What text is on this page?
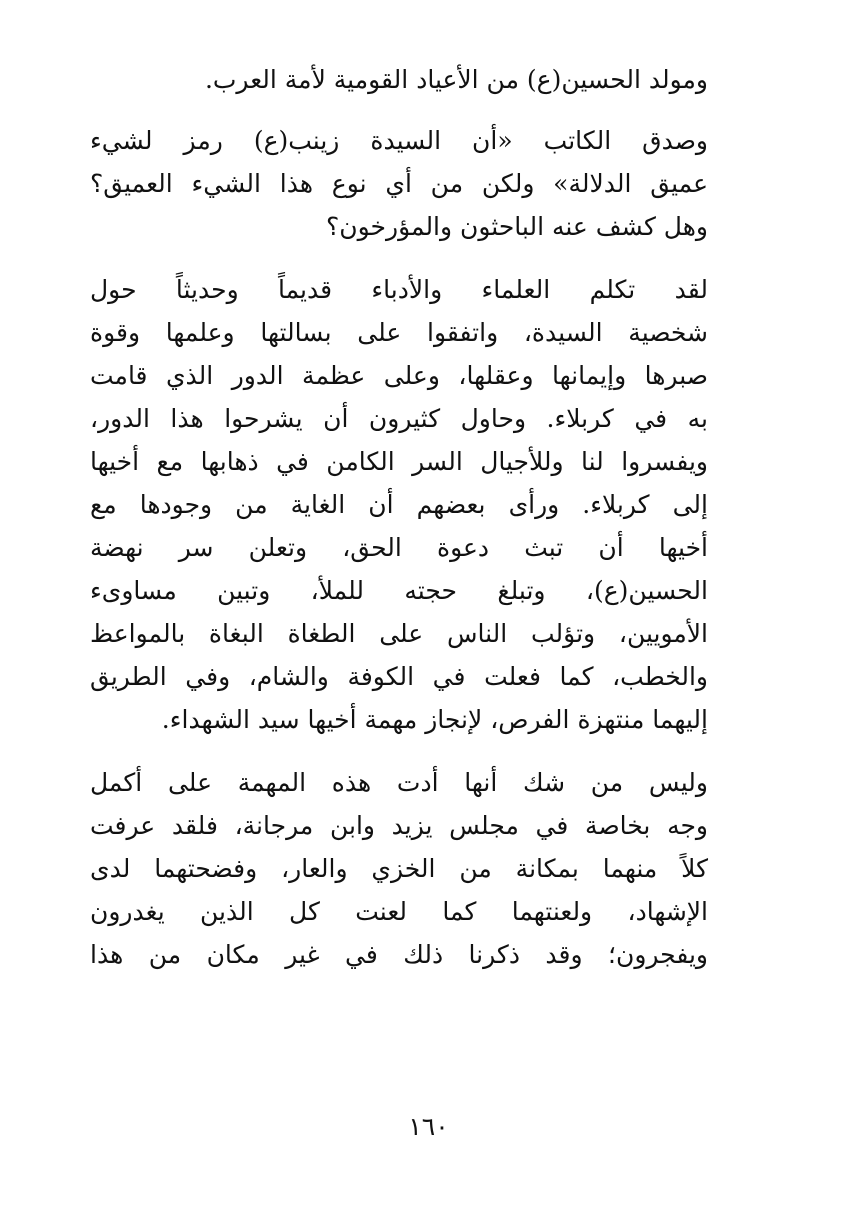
ومولد الحسين(ع) من الأعياد القومية لأمة العرب.
وصدق الكاتب «أن السيدة زينب(ع) رمز لشيء
عميق الدلالة» ولكن من أي نوع هذا الشيء العميق؟
وهل كشف عنه الباحثون والمؤرخون؟
لقد تكلم العلماء والأدباء قديماً وحديثاً حول
شخصية السيدة، واتفقوا على بسالتها وعلمها وقوة
صبرها وإيمانها وعقلها، وعلى عظمة الدور الذي قامت
به في كربلاء. وحاول كثيرون أن يشرحوا هذا الدور،
ويفسروا لنا وللأجيال السر الكامن في ذهابها مع أخيها
إلى كربلاء. ورأى بعضهم أن الغاية من وجودها مع
أخيها أن تبث دعوة الحق، وتعلن سر نهضة
الحسين(ع)، وتبلغ حجته للملأ، وتبين مساوىء
الأمويين، وتؤلب الناس على الطغاة البغاة بالمواعظ
والخطب، كما فعلت في الكوفة والشام، وفي الطريق
إليهما منتهزة الفرص، لإنجاز مهمة أخيها سيد الشهداء.
وليس من شك أنها أدت هذه المهمة على أكمل
وجه بخاصة في مجلس يزيد وابن مرجانة، فلقد عرفت
كلاً منهما بمكانة من الخزي والعار، وفضحتهما لدى
الإشهاد، ولعنتهما كما لعنت كل الذين يغدرون
ويفجرون؛ وقد ذكرنا ذلك في غير مكان من هذا
١٦٠
